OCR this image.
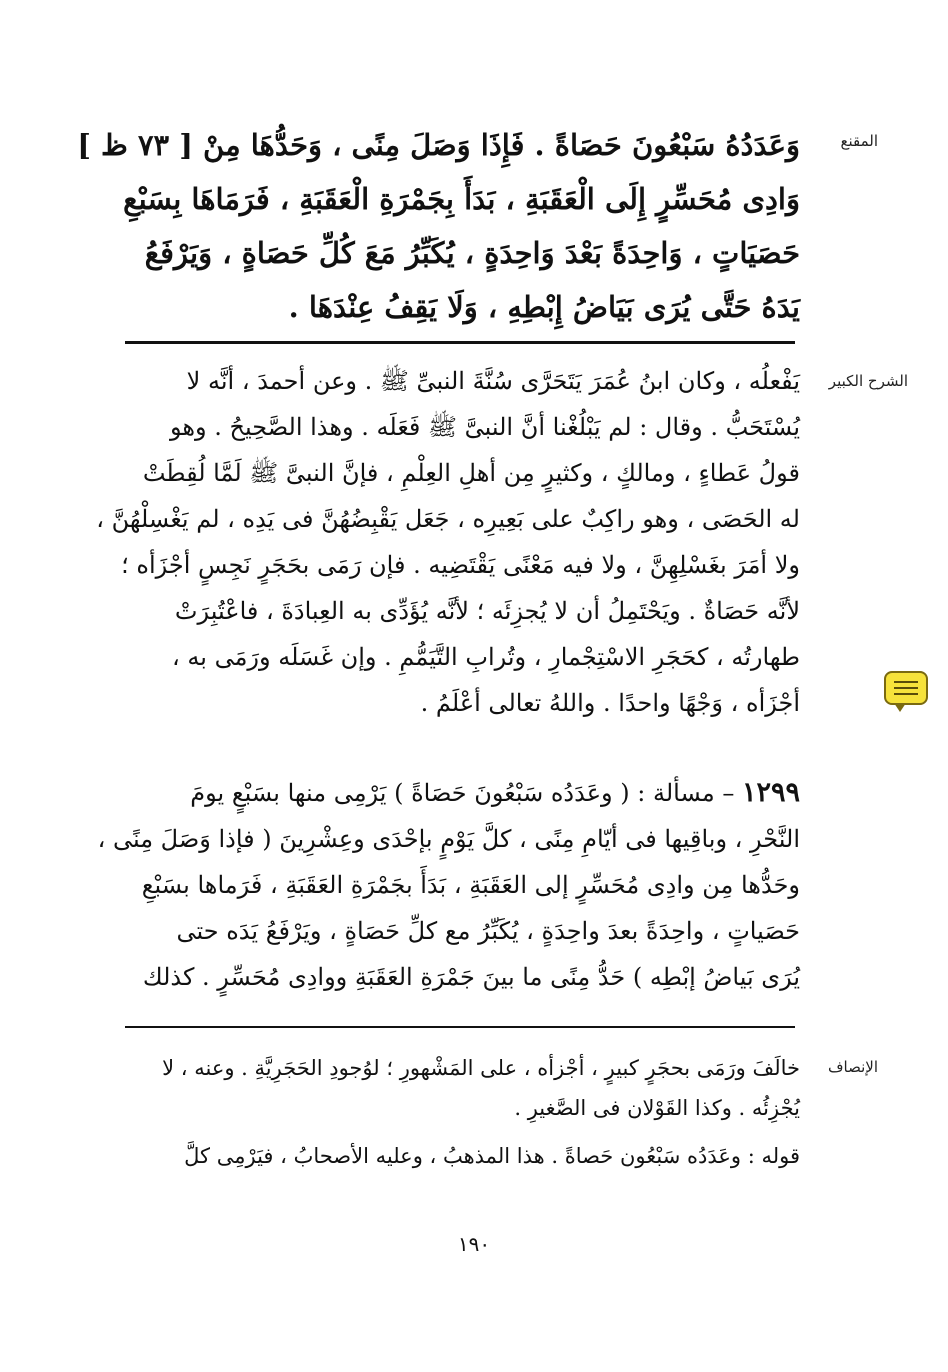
المقنع
وَعَدَدُهُ سَبْعُونَ حَصَاةً . فَإِذَا وَصَلَ مِنًى ، وَحَدُّهَا مِنْ [ ٧٣ ظ ]
وَادِى مُحَسِّرٍ إِلَى الْعَقَبَةِ ، بَدَأَ بِجَمْرَةِ الْعَقَبَةِ ، فَرَمَاهَا بِسَبْعِ
حَصَيَاتٍ ، وَاحِدَةً بَعْدَ وَاحِدَةٍ ، يُكَبِّرُ مَعَ كُلِّ حَصَاةٍ ، وَيَرْفَعُ
يَدَهُ حَتَّى يُرَى بَيَاضُ إِبْطِهِ ، وَلَا يَقِفُ عِنْدَهَا .
الشرح الكبير
يَفْعلُه ، وكان ابنُ عُمَرَ يَتَحَرَّى سُنَّةَ النبىِّ ﷺ . وعن أحمدَ ، أنَّه لا
يُسْتَحَبُّ . وقال : لم يَبْلُغْنا أنَّ النبىَّ ﷺ فَعَلَه . وهذا الصَّحِيحُ . وهو
قولُ عَطاءٍ ، ومالكٍ ، وكثيرٍ مِن أهلِ العِلْمِ ، فإنَّ النبىَّ ﷺ لَمَّا لُقِطَتْ
له الحَصَى ، وهو راكِبٌ على بَعِيرِه ، جَعَل يَقْبِضُهُنَّ فى يَدِه ، لم يَغْسِلْهُنَّ ،
ولا أمَرَ بغَسْلِهِنَّ ، ولا فيه مَعْنًى يَقْتَضِيه . فإن رَمَى بحَجَرٍ نَجِسٍ أجْزَأه ؛
لأنَّه حَصَاةٌ . ويَحْتَمِلُ أن لا يُجزِئَه ؛ لأنَّه يُؤَدِّى به العِبادَةَ ، فاعْتُبِرَتْ
طهارتُه ، كحَجَرِ الاسْتِجْمارِ ، وتُرابِ التَّيَمُّمِ . وإن غَسَلَه ورَمَى به ،
أجْزَأه ، وَجْهًا واحدًا . واللهُ تعالى أعْلَمُ .
١٢٩٩ – مسألة : ( وعَدَدُه سَبْعُونَ حَصَاةً ) يَرْمِى منها بسَبْعٍ يومَ
النَّحْرِ ، وباقِيها فى أيّامِ مِنًى ، كلَّ يَوْمٍ بإحْدَى وعِشْرِينَ ( فإذا وَصَلَ مِنًى ،
وحَدُّها مِن وادِى مُحَسِّرٍ إلى العَقَبَةِ ، بَدَأَ بجَمْرَةِ العَقَبَةِ ، فَرَماها بسَبْعِ
حَصَياتٍ ، واحِدَةً بعدَ واحِدَةٍ ، يُكَبِّرُ مع كلِّ حَصَاةٍ ، ويَرْفَعُ يَدَه حتى
يُرَى بَياضُ إبْطِه ) حَدُّ مِنًى ما بينَ جَمْرَةِ العَقَبَةِ ووادِى مُحَسِّرٍ . كذلك
الإنصاف
خالَفَ ورَمَى بحجَرٍ كبيرٍ ، أجْزأه ، على المَشْهورِ ؛ لوُجودِ الحَجَرِيَّةِ . وعنه ، لا
يُجْزِئُه . وكذا القَوْلان فى الصَّغيرِ .
قوله : وعَدَدُه سَبْعُون حَصاةً . هذا المذهبُ ، وعليه الأصحابُ ، فيَرْمِى كلَّ
١٩٠
